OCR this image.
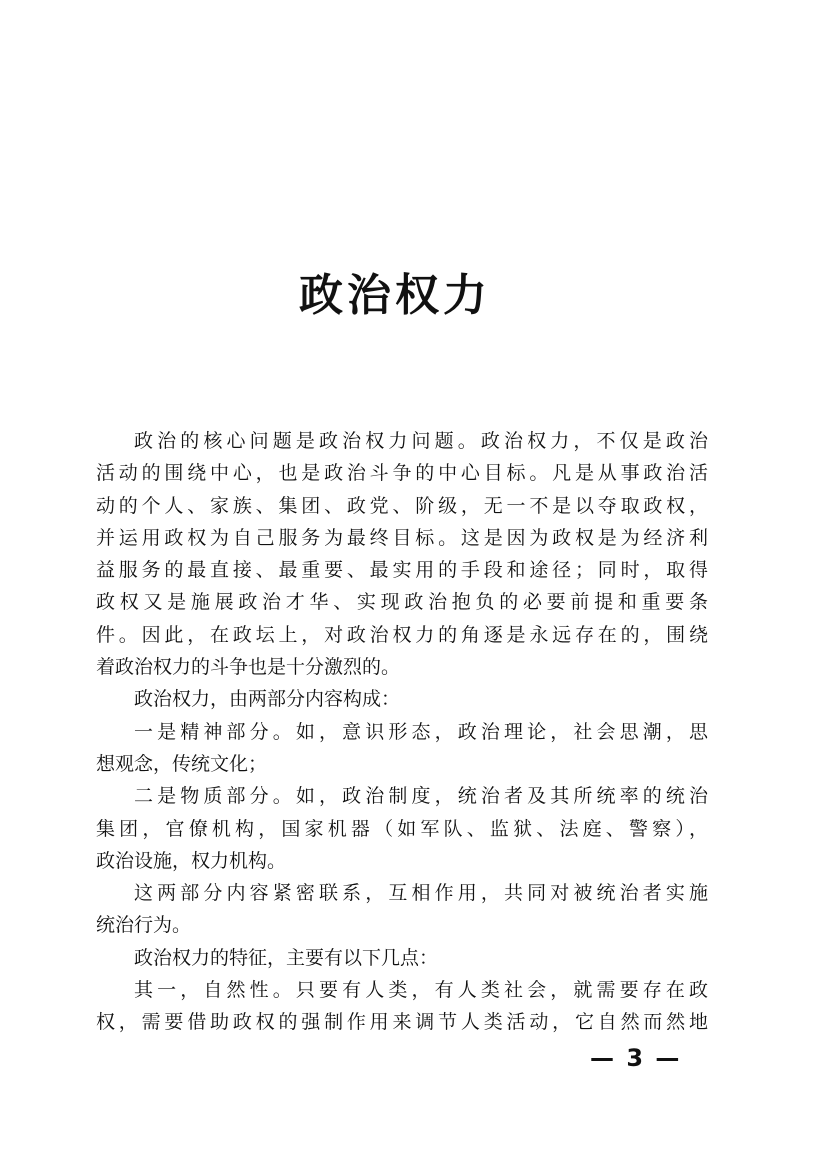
政治权力
政治的核心问题是政治权力问题。政治权力，不仅是政治
活动的围绕中心，也是政治斗争的中心目标。凡是从事政治活
动的个人、家族、集团、政党、阶级，无一不是以夺取政权，
并运用政权为自己服务为最终目标。这是因为政权是为经济利
益服务的最直接、最重要、最实用的手段和途径；同时，取得
政权又是施展政治才华、实现政治抱负的必要前提和重要条
件。因此，在政坛上，对政治权力的角逐是永远存在的，围绕
着政治权力的斗争也是十分激烈的。
政治权力，由两部分内容构成：
一是精神部分。如，意识形态，政治理论，社会思潮，思
想观念，传统文化；
二是物质部分。如，政治制度，统治者及其所统率的统治
集团，官僚机构，国家机器（如军队、监狱、法庭、警察），
政治设施，权力机构。
这两部分内容紧密联系，互相作用，共同对被统治者实施
统治行为。
政治权力的特征，主要有以下几点：
其一，自然性。只要有人类，有人类社会，就需要存在政
权，需要借助政权的强制作用来调节人类活动，它自然而然地
— 3 —
